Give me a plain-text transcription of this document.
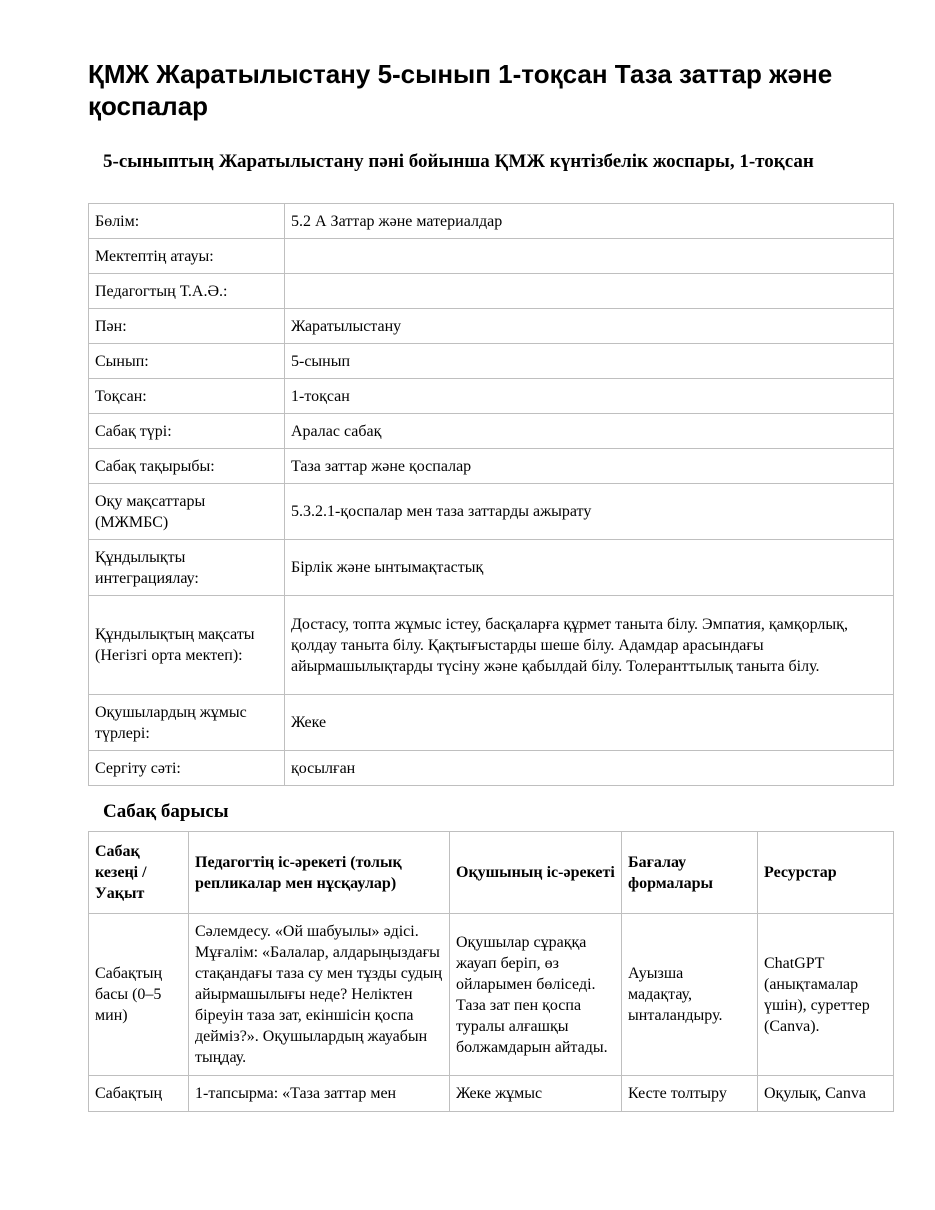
ҚМЖ Жаратылыстану 5-сынып 1-тоқсан Таза заттар және қоспалар
5-сыныптың Жаратылыстану пәні бойынша ҚМЖ күнтізбелік жоспары, 1-тоқсан
Бөлім:	5.2 А Заттар және материалдар
Мектептің атауы:	
Педагогтың Т.А.Ә.:	
Пән:	Жаратылыстану
Сынып:	5-сынып
Тоқсан:	1-тоқсан
Сабақ түрі:	Аралас сабақ
Сабақ тақырыбы:	Таза заттар және қоспалар
Оқу мақсаттары (МЖМБС)	5.3.2.1-қоспалар мен таза заттарды ажырату
Құндылықты интеграциялау:	Бірлік және ынтымақтастық
Құндылықтың мақсаты (Негізгі орта мектеп):	Достасу, топта жұмыс істеу, басқаларға құрмет таныта білу. Эмпатия, қамқорлық, қолдау таныта білу. Қақтығыстарды шеше білу. Адамдар арасындағы айырмашылықтарды түсіну және қабылдай білу. Толеранттылық таныта білу.
Оқушылардың жұмыс түрлері:	Жеке
Сергіту сәті:	қосылған
Сабақ барысы
Сабақ кезеңі / Уақыт	Педагогтің іс-әрекеті (толық репликалар мен нұсқаулар)	Оқушының іс-әрекеті	Бағалау формалары	Ресурстар
Сабақтың басы (0–5 мин)	Сәлемдесу. «Ой шабуылы» әдісі. Мұғалім: «Балалар, алдарыңыздағы стақандағы таза су мен тұзды судың айырмашылығы неде? Неліктен біреуін таза зат, екіншісін қоспа дейміз?». Оқушылардың жауабын тыңдау.	Оқушылар сұраққа жауап беріп, өз ойларымен бөліседі. Таза зат пен қоспа туралы алғашқы болжамдарын айтады.	Ауызша мадақтау, ынталандыру.	ChatGPT (анықтамалар үшін), суреттер (Canva).
Сабақтың	1-тапсырма: «Таза заттар мен	Жеке жұмыс	Кесте толтыру	Оқулық, Canva
